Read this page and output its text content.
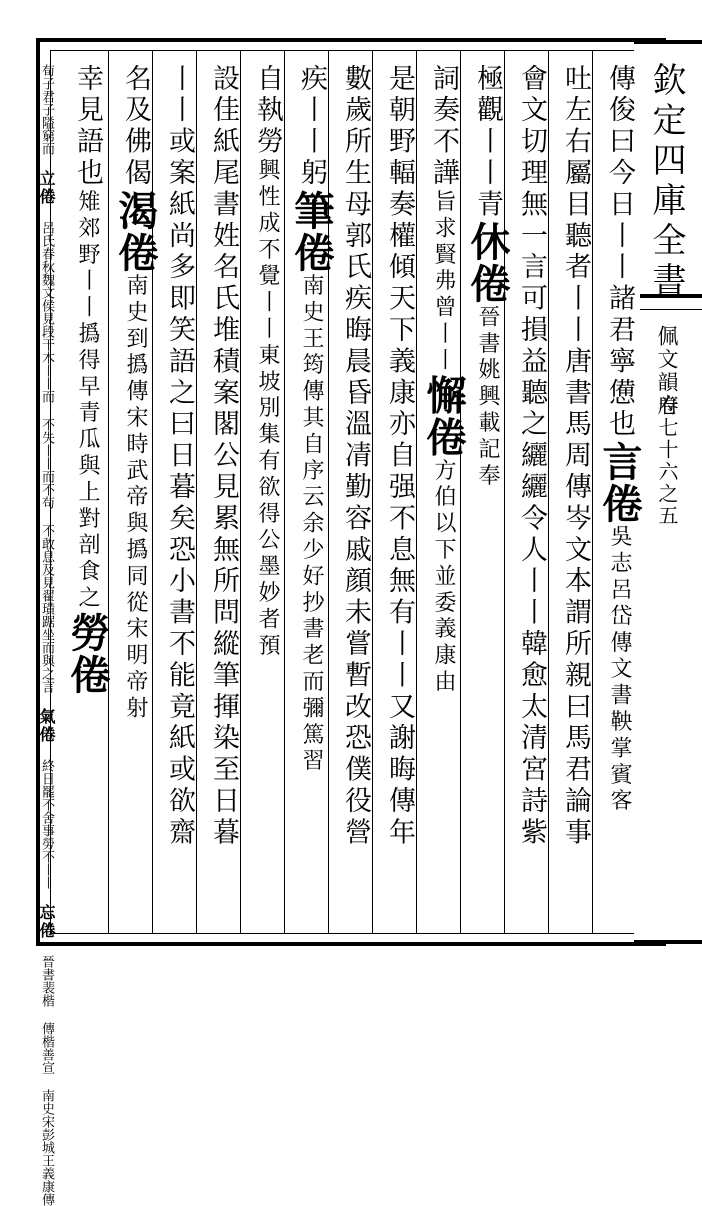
欽定四庫全書
佩文韻府
卷七十六之五
傳俊曰今日丨丨諸君寧憊也言倦吳志呂岱傳文書鞅掌賓客
吐左右屬目聽者丨丨唐書馬周傳岑文本謂所親曰馬君論事
會文切理無一言可損益聽之纚纚令人丨丨韓愈太清宮詩紫
極觀丨丨青休倦晉書姚興載記奉
詞奏不譁旨求賢弗曾丨丨懈倦方伯以下並委義康由
是朝野輻奏權傾天下義康亦自强不息無有丨丨又謝晦傳年
數歲所生母郭氏疾晦晨昏溫凊勤容戚顔未嘗暫改恐僕役營
疾丨丨躬筆倦南史王筠傳其自序云余少好抄書老而彌篤習
自執勞興性成不覺丨丨東坡別集有欲得公墨妙者預
設佳紙尾書姓名氏堆積案閣公見累無所問縱筆揮染至日暮
丨丨或案紙尚多即笑語之曰日暮矣恐小書不能竟紙或欲齋
名及佛偈渴倦南史到撝傳宋時武帝與撝同從宋明帝射
幸見語也雉郊野丨丨撝得早青瓜與上對剖食之勞倦
荀子君子隘窮而 立倦 呂氏春秋魏文侯見段干木丨丨而 不失丨丨而不茍 不敢息及見翟璜踞坐而與之言 氣倦 終日罷不舍事勞不丨丨 忘倦 晉書裴楷 傳楷善宣 南史宋彭城王義康傳
